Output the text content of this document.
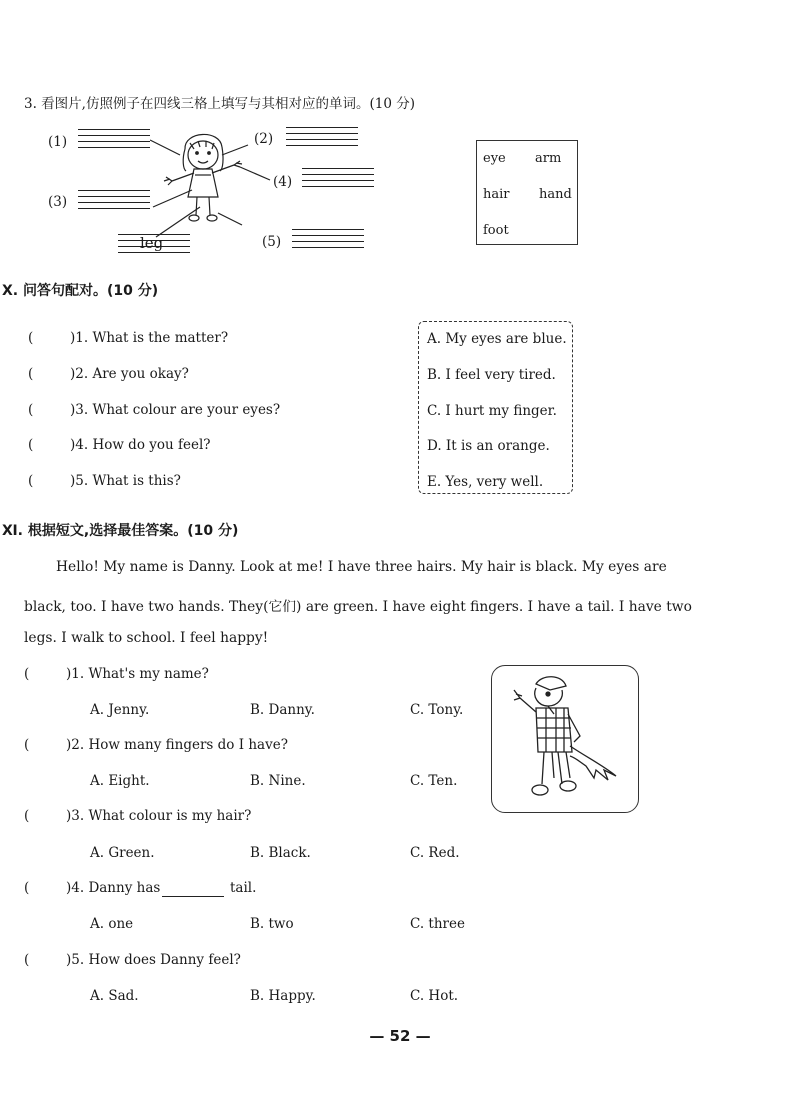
3. 看图片,仿照例子在四线三格上填写与其相对应的单词。(10 分)
(1)	(2)
(3)
(4)
(5)
leg
eye arm
hair hand
foot
Ⅹ. 问答句配对。(10 分)
(	)1. What is the matter?
(	)2. Are you okay?
(	)3. What colour are your eyes?
(	)4. How do you feel?
(	)5. What is this?
A. My eyes are blue.
B. I feel very tired.
C. I hurt my finger.
D. It is an orange.
E. Yes, very well.
Ⅺ. 根据短文,选择最佳答案。(10 分)
Hello! My name is Danny. Look at me! I have three hairs. My hair is black. My eyes are
black, too. I have two hands. They(它们) are green. I have eight fingers. I have a tail. I have two
legs. I walk to school. I feel happy!
(	)1. What's my name?
A. Jenny.	B. Danny.	C. Tony.
(	)2. How many fingers do I have?
A. Eight.	B. Nine.	C. Ten.
(	)3. What colour is my hair?
A. Green.	B. Black.	C. Red.
(	)4. Danny has	tail.
A. one	B. two	C. three
(	)5. How does Danny feel?
A. Sad.	B. Happy.	C. Hot.
— 52 —
